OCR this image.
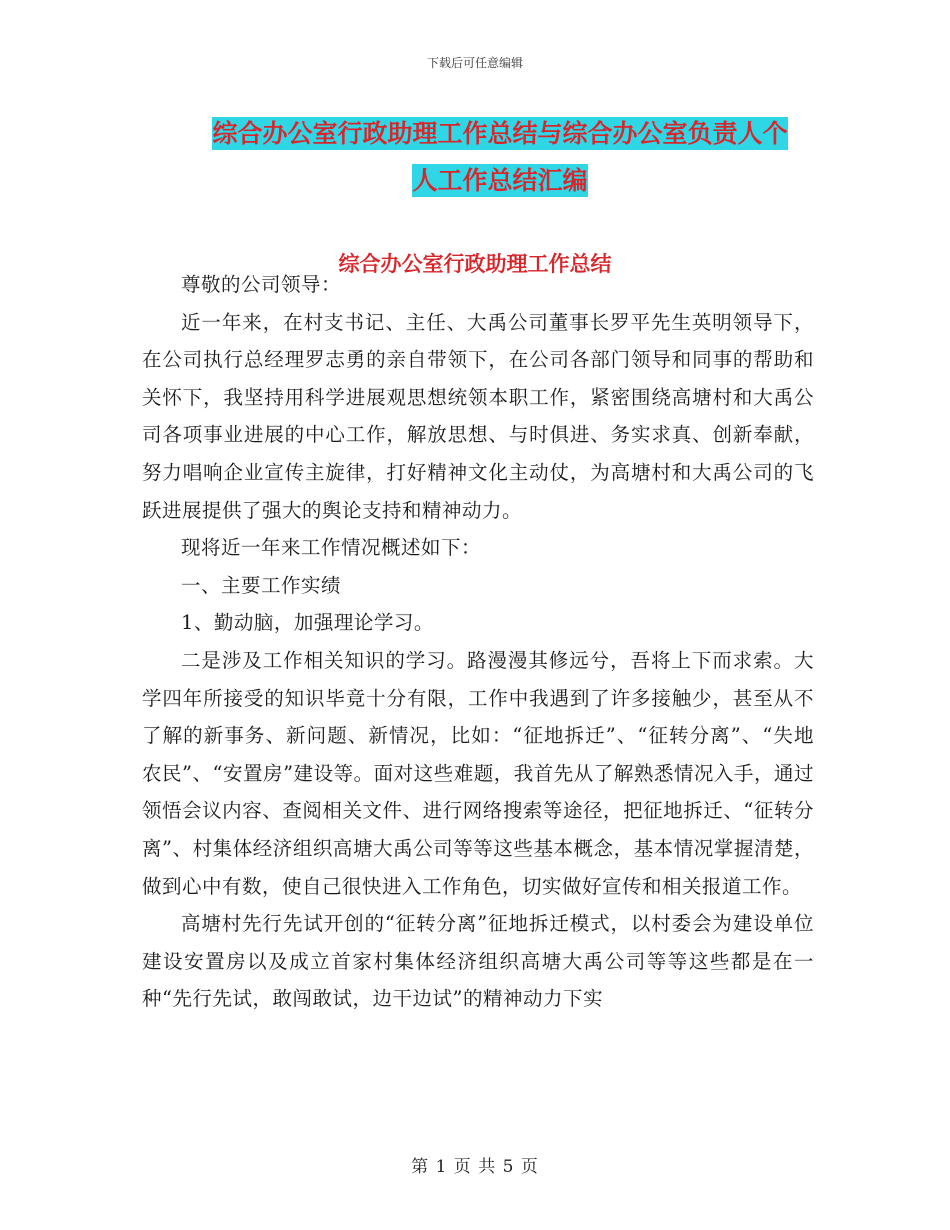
下载后可任意编辑
综合办公室行政助理工作总结与综合办公室负责人个
人工作总结汇编
综合办公室行政助理工作总结

尊敬的公司领导：

近一年来，在村支书记、主任、大禹公司董事长罗平先生英明领导下，在公司执行总经理罗志勇的亲自带领下，在公司各部门领导和同事的帮助和关怀下，我坚持用科学进展观思想统领本职工作，紧密围绕高塘村和大禹公司各项事业进展的中心工作，解放思想、与时俱进、务实求真、创新奉献，努力唱响企业宣传主旋律，打好精神文化主动仗，为高塘村和大禹公司的飞跃进展提供了强大的舆论支持和精神动力。

现将近一年来工作情况概述如下：

一、主要工作实绩

1、勤动脑，加强理论学习。

二是涉及工作相关知识的学习。路漫漫其修远兮，吾将上下而求索。大学四年所接受的知识毕竟十分有限，工作中我遇到了许多接触少，甚至从不了解的新事务、新问题、新情况，比如：“征地拆迁”、“征转分离”、“失地农民”、“安置房”建设等。面对这些难题，我首先从了解熟悉情况入手，通过领悟会议内容、查阅相关文件、进行网络搜索等途径，把征地拆迁、“征转分离”、村集体经济组织高塘大禹公司等等这些基本概念，基本情况掌握清楚，做到心中有数，使自己很快进入工作角色，切实做好宣传和相关报道工作。

高塘村先行先试开创的“征转分离”征地拆迁模式，以村委会为建设单位建设安置房以及成立首家村集体经济组织高塘大禹公司等等这些都是在一种“先行先试，敢闯敢试，边干边试”的精神动力下实

第 1 页 共 5 页
